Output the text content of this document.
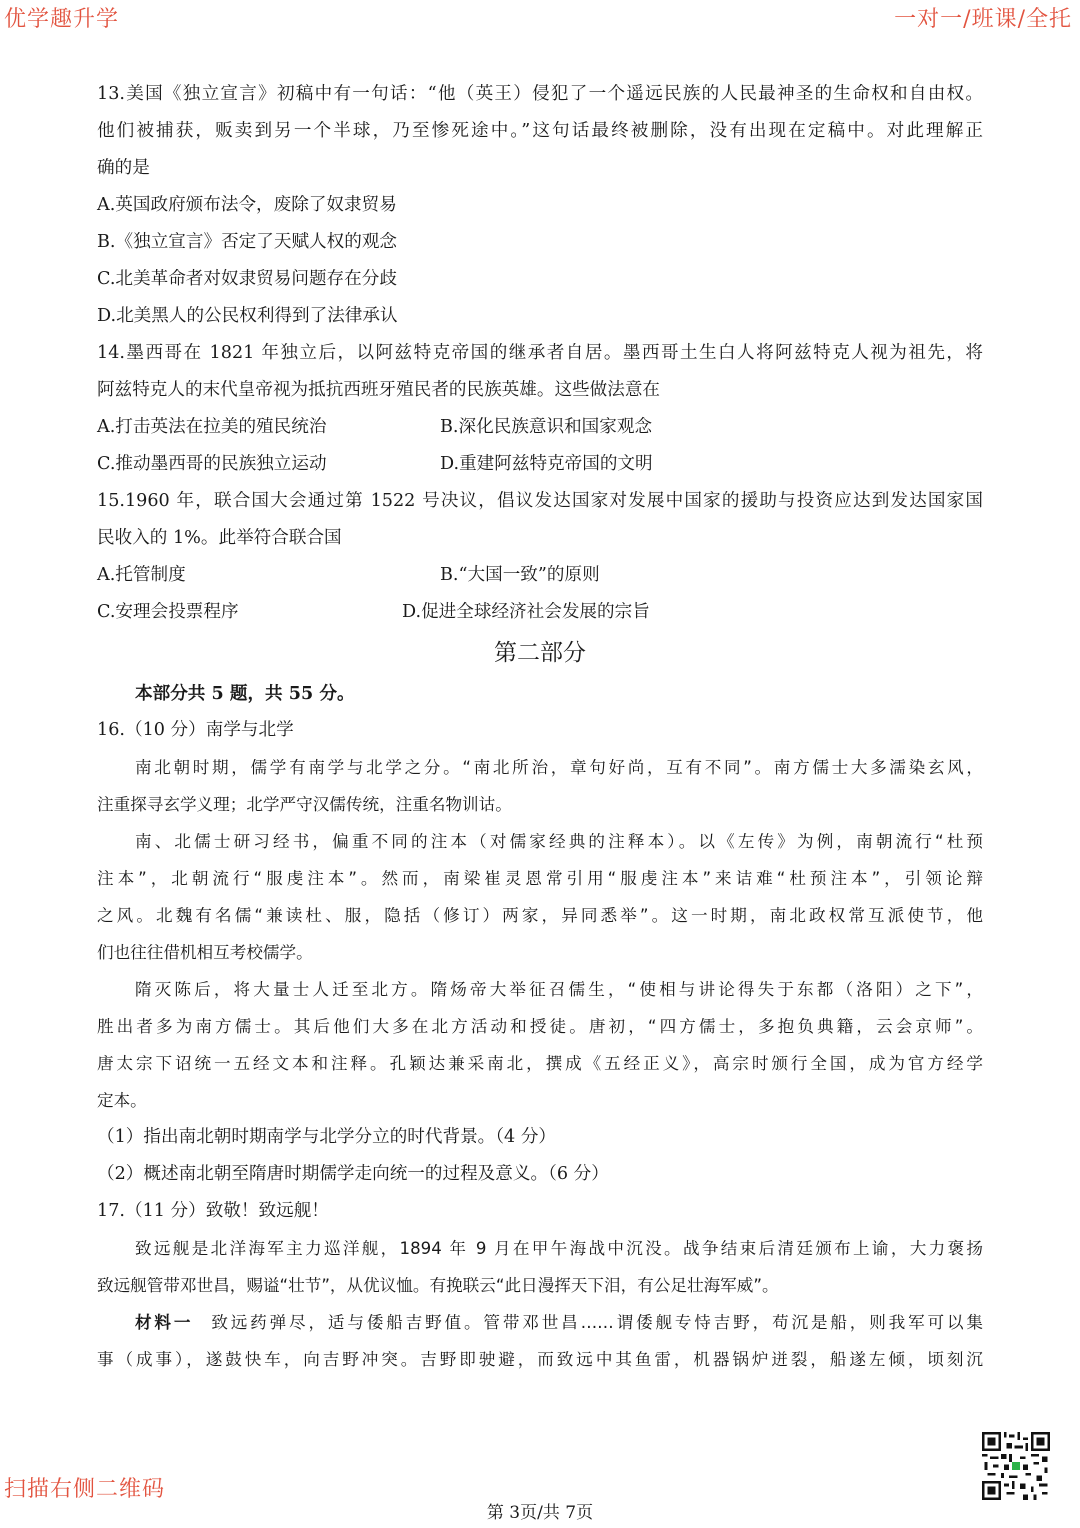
优学趣升学	一对一/班课/全托
13.美国《独立宣言》初稿中有一句话：“他（英王）侵犯了一个遥远民族的人民最神圣的生命权和自由权。
他们被捕获，贩卖到另一个半球，乃至惨死途中。”这句话最终被删除，没有出现在定稿中。对此理解正
确的是
A.英国政府颁布法令，废除了奴隶贸易
B.《独立宣言》否定了天赋人权的观念
C.北美革命者对奴隶贸易问题存在分歧
D.北美黑人的公民权利得到了法律承认
14.墨西哥在 1821 年独立后，以阿兹特克帝国的继承者自居。墨西哥土生白人将阿兹特克人视为祖先，将
阿兹特克人的末代皇帝视为抵抗西班牙殖民者的民族英雄。这些做法意在
A.打击英法在拉美的殖民统治	B.深化民族意识和国家观念
C.推动墨西哥的民族独立运动	D.重建阿兹特克帝国的文明
15.1960 年，联合国大会通过第 1522 号决议，倡议发达国家对发展中国家的援助与投资应达到发达国家国
民收入的 1%。此举符合联合国
A.托管制度	B.“大国一致”的原则
C.安理会投票程序	D.促进全球经济社会发展的宗旨
第二部分
本部分共 5 题，共 55 分。
16.（10 分）南学与北学
南北朝时期，儒学有南学与北学之分。“南北所治，章句好尚，互有不同”。南方儒士大多濡染玄风，
注重探寻玄学义理；北学严守汉儒传统，注重名物训诂。
南、北儒士研习经书，偏重不同的注本（对儒家经典的注释本）。以《左传》为例，南朝流行“杜预
注本”，北朝流行“服虔注本”。然而，南梁崔灵恩常引用“服虔注本”来诘难“杜预注本”，引领论辩
之风。北魏有名儒“兼读杜、服，隐括（修订）两家，异同悉举”。这一时期，南北政权常互派使节，他
们也往往借机相互考校儒学。
隋灭陈后，将大量士人迁至北方。隋炀帝大举征召儒生，“使相与讲论得失于东都（洛阳）之下”，
胜出者多为南方儒士。其后他们大多在北方活动和授徒。唐初，“四方儒士，多抱负典籍，云会京师”。
唐太宗下诏统一五经文本和注释。孔颖达兼采南北，撰成《五经正义》，高宗时颁行全国，成为官方经学
定本。
（1）指出南北朝时期南学与北学分立的时代背景。（4 分）
（2）概述南北朝至隋唐时期儒学走向统一的过程及意义。（6 分）
17.（11 分）致敬！致远舰！
致远舰是北洋海军主力巡洋舰，1894 年 9 月在甲午海战中沉没。战争结束后清廷颁布上谕，大力褒扬
致远舰管带邓世昌，赐谥“壮节”，从优议恤。有挽联云“此日漫挥天下泪，有公足壮海军威”。
材料一 致远药弹尽，适与倭船吉野值。管带邓世昌……谓倭舰专恃吉野，苟沉是船，则我军可以集
事（成事），遂鼓快车，向吉野冲突。吉野即驶避，而致远中其鱼雷，机器锅炉迸裂，船遂左倾，顷刻沉
扫描右侧二维码
第 3页/共 7页
